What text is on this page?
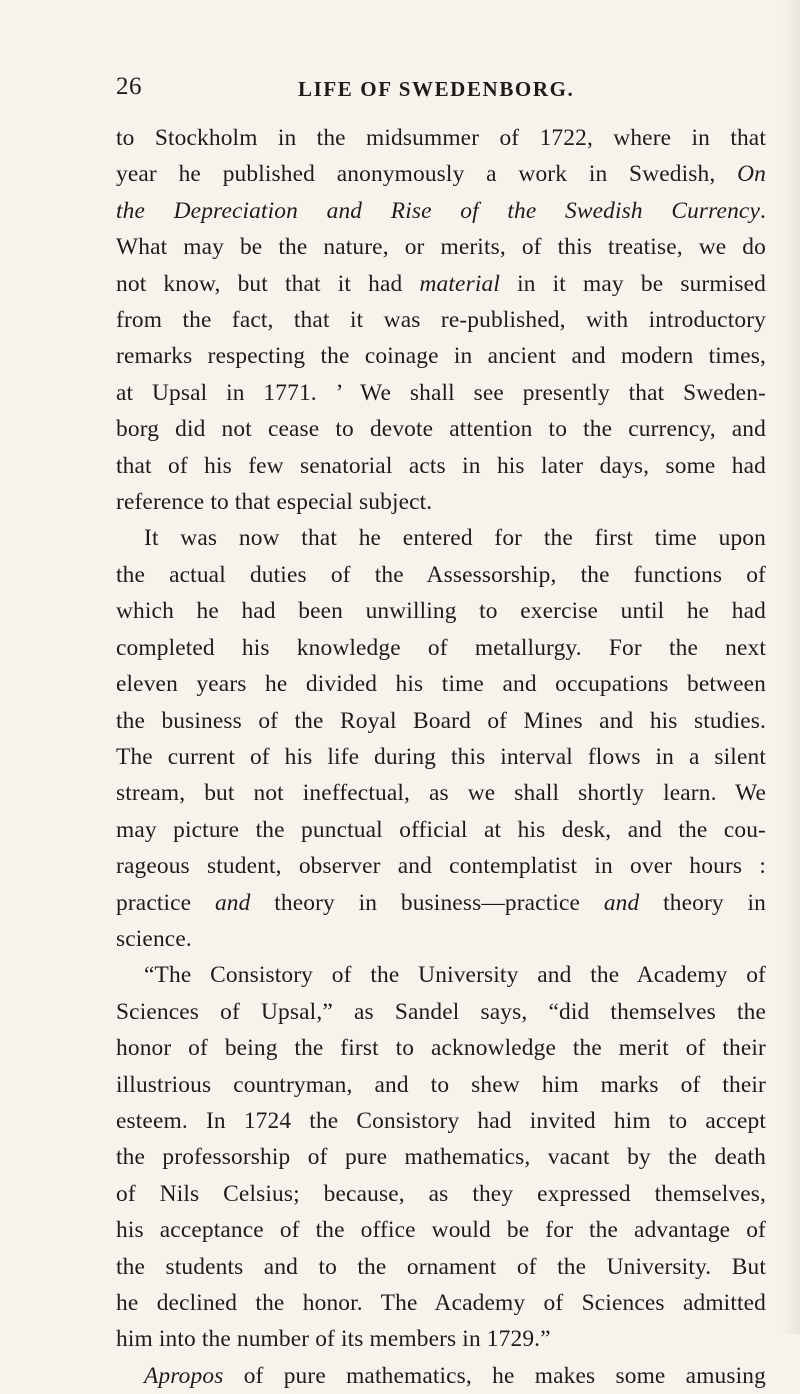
26	LIFE OF SWEDENBORG.
to Stockholm in the midsummer of 1722, where in that
year he published anonymously a work in Swedish, On
the Depreciation and Rise of the Swedish Currency.
What may be the nature, or merits, of this treatise, we do
not know, but that it had material in it may be surmised
from the fact, that it was re-published, with introductory
remarks respecting the coinage in ancient and modern times,
at Upsal in 1771. ’ We shall see presently that Sweden-
borg did not cease to devote attention to the currency, and
that of his few senatorial acts in his later days, some had
reference to that especial subject.
It was now that he entered for the first time upon
the actual duties of the Assessorship, the functions of
which he had been unwilling to exercise until he had
completed his knowledge of metallurgy. For the next
eleven years he divided his time and occupations between
the business of the Royal Board of Mines and his studies.
The current of his life during this interval flows in a silent
stream, but not ineffectual, as we shall shortly learn. We
may picture the punctual official at his desk, and the cou-
rageous student, observer and contemplatist in over hours :
practice and theory in business—practice and theory in
science.
“The Consistory of the University and the Academy of
Sciences of Upsal,” as Sandel says, “did themselves the
honor of being the first to acknowledge the merit of their
illustrious countryman, and to shew him marks of their
esteem. In 1724 the Consistory had invited him to accept
the professorship of pure mathematics, vacant by the death
of Nils Celsius; because, as they expressed themselves,
his acceptance of the office would be for the advantage of
the students and to the ornament of the University. But
he declined the honor. The Academy of Sciences admitted
him into the number of its members in 1729.”
Apropos of pure mathematics, he makes some amusing
